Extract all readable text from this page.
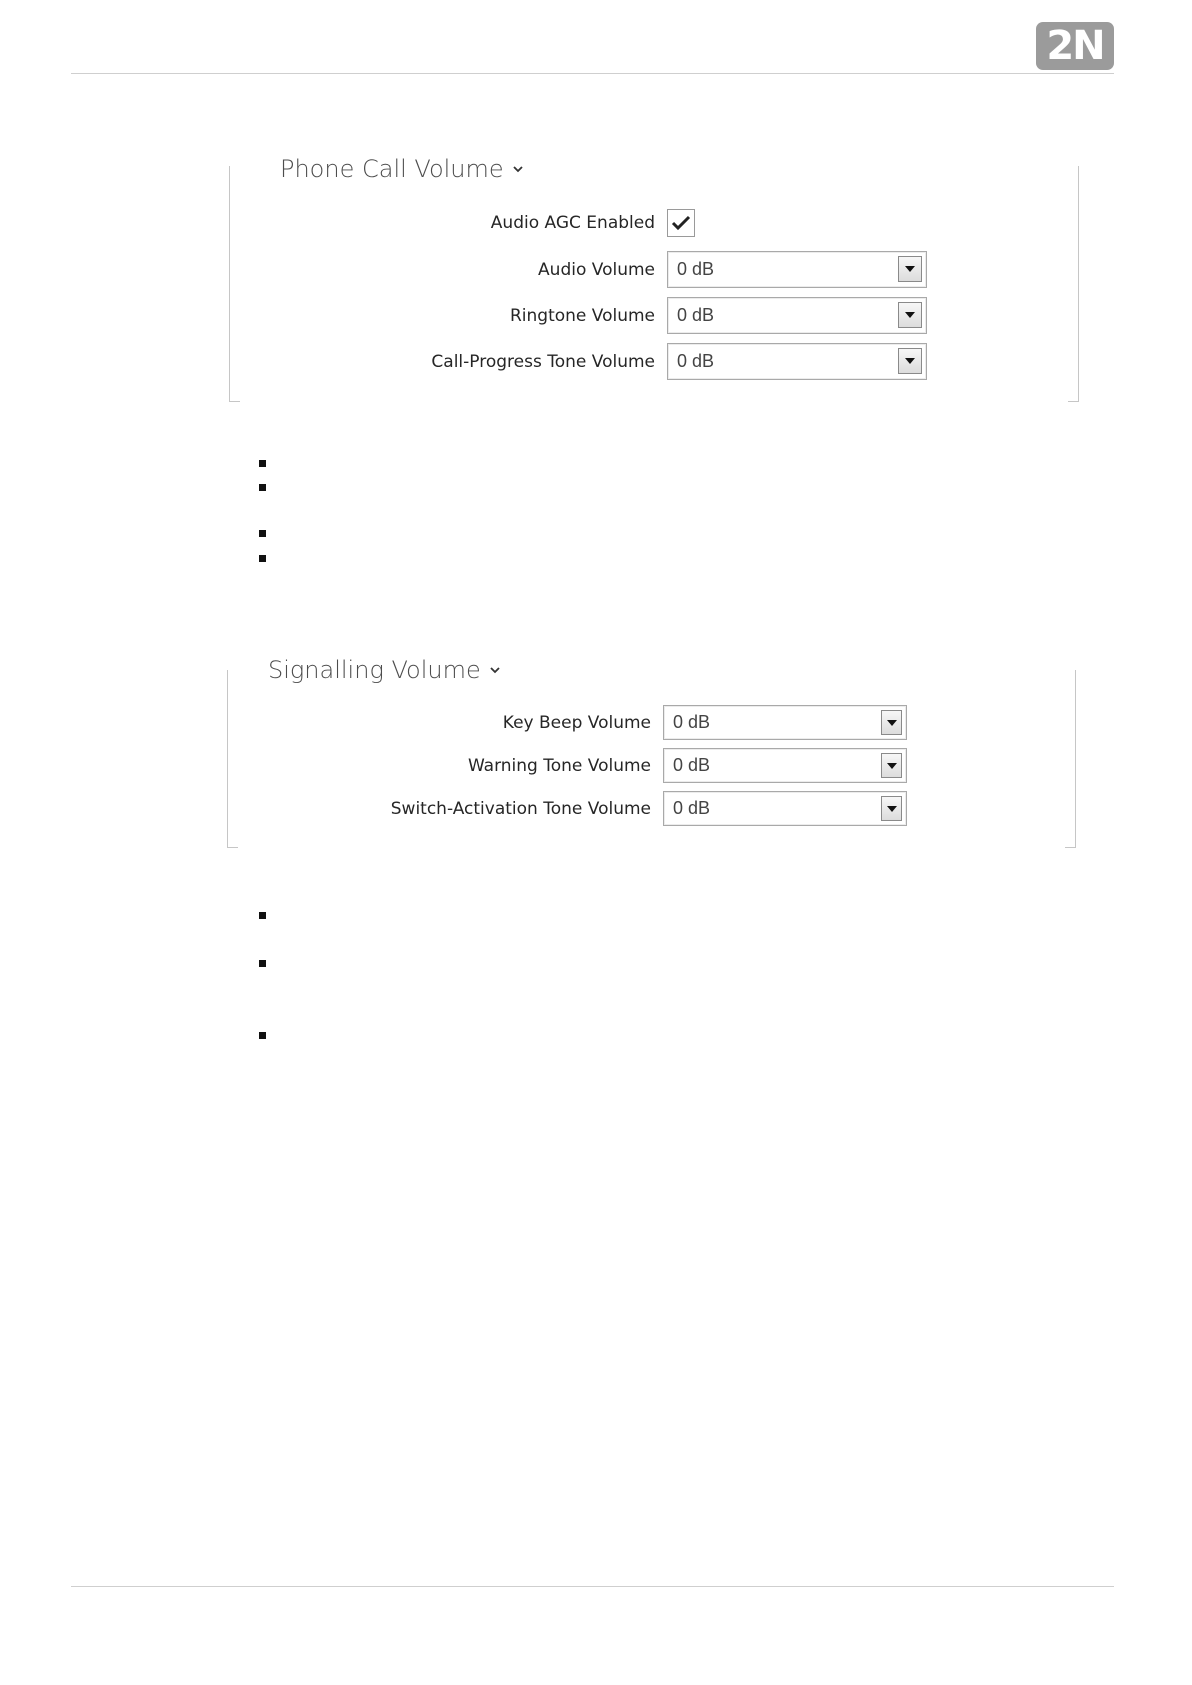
2N
Phone Call Volume
Audio AGC Enabled
Audio Volume	0 dB
Ringtone Volume	0 dB
Call-Progress Tone Volume	0 dB
Signalling Volume
Key Beep Volume	0 dB
Warning Tone Volume	0 dB
Switch-Activation Tone Volume	0 dB
